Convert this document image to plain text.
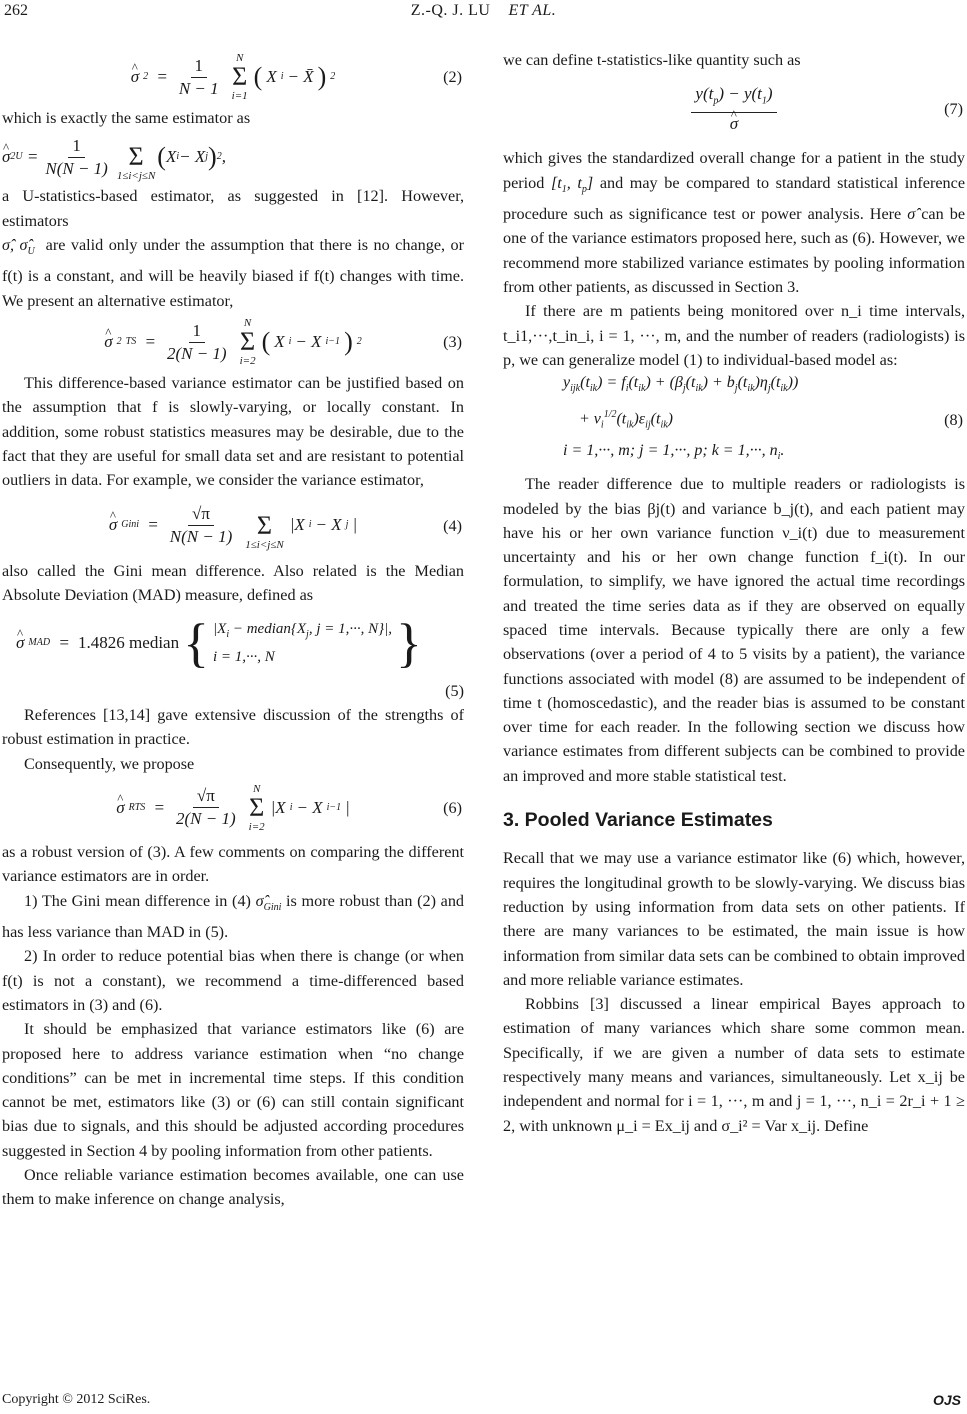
262	Z.-Q. J. LU ET AL.
^ σ $2 = \frac{1}{N - 1}$ N
Σ
i=1
( X i − X̄ ) 2	(2)

which is exactly the same estimator as

^ σ 2 $U = \frac{1}{N(N - 1)}$
Σ
1≤i<j≤N
( X i − X j ) 2 ,

a U-statistics-based estimator, as suggested in [12]. However, estimators

σ̂, $\sigmâ_U$ are valid only under the assumption that there is no change, or f(t) is a constant, and will be heavily biased if f(t) changes with time. We present an alternative estimator,

^ σ 2 TS = $\frac{1}{2(N - 1)}$ N
Σ
i=2
( X i − X i−1 ) 2	(3)

This difference-based variance estimator can be justified based on the assumption that f is slowly-varying, or locally constant. In addition, some robust statistics measures may be desirable, due to the fact that they are useful for small data set and are resistant to potential outliers in data. For example, we consider the variance estimator,

^ σ Gini = $\frac{√\pi}{N(N - 1)}$
Σ
1≤i<j≤N
|X i − X j |	(4)

also called the Gini mean difference. Also related is the Median Absolute Deviation (MAD) measure, defined as

^ σ MAD = 1.4826 median { $|X_i$ − $median\{X_j$, j = 1,···, N}|,
i = 1,···, N	}
(5)

References [13,14] gave extensive discussion of the strengths of robust estimation in practice.

Consequently, we propose

^ σ RTS = $\frac{√\pi}{2(N - 1)}$ N
Σ
i=2
|X i − X i−1 |	(6)

as a robust version of (3). A few comments on comparing the different variance estimators are in order.

1) The Gini mean difference in (4) $\sigmâ_{Gini}$ is more robust than (2) and has less variance than MAD in (5).

2) In order to reduce potential bias when there is change (or when f(t) is not a constant), we recommend a time-differenced based estimators in (3) and (6).

It should be emphasized that variance estimators like (6) are proposed here to address variance estimation when “no change conditions” can be met in incremental time steps. If this condition cannot be met, estimators like (3) or (6) can still contain significant bias due to signals, and this should be adjusted according procedures suggested in Section 4 by pooling information from other patients.

Once reliable variance estimation becomes available, one can use them to make inference on change analysis,

we can define t-statistics-like quantity such as

$y(t_p) - y(t_1)$
^ σ	(7)

which gives the standardized overall change for a patient in the study period [$t_1$, $t_p$] and may be compared to standard statistical inference procedure such as significance test or power analysis. Here σ̂ can be one of the variance estimators proposed here, such as (6). However, we recommend more stabilized variance estimates by pooling information from other patients, as discussed in Section 3.

If there are m patients being monitored over n_i time intervals, t_i1,···,t_in_i, i = 1, ···, m, and the number of readers (radiologists) is p, we can generalize model (1) to individual-based model as:

$y_{ijk}(t_{ik}) = f_i(t_{ik}) + (\beta_j(t_{ik}) + b_j(t_{ik})\eta_j(t_{ik}))$
+ $\nu_i^{1/2}(t_{ik})\varepsilon_{ij}(t_{ik})$
i = 1,···, m; j = 1,···, p; k = 1,···, $n_i$.
(8)

The reader difference due to multiple readers or radiologists is modeled by the bias βj(t) and variance b_j(t), and each patient may have his or her own variance function ν_i(t) due to measurement uncertainty and his or her own change function f_i(t). In our formulation, to simplify, we have ignored the actual time recordings and treated the time series data as if they are observed on equally spaced time intervals. Because typically there are only a few observations (over a period of 4 to 5 visits by a patient), the variance functions associated with model (8) are assumed to be independent of time t (homoscedastic), and the reader bias is assumed to be constant over time for each reader. In the following section we discuss how variance estimates from different subjects can be combined to provide an improved and more stable statistical test.

3. Pooled Variance Estimates

Recall that we may use a variance estimator like (6) which, however, requires the longitudinal growth to be slowly-varying. We discuss bias reduction by using information from data sets on other patients. If there are many variances to be estimated, the main issue is how information from similar data sets can be combined to obtain improved and more reliable variance estimates.

Robbins [3] discussed a linear empirical Bayes approach to estimation of many variances which share some common mean. Specifically, if we are given a number of data sets to estimate respectively many means and variances, simultaneously. Let x_ij be independent and normal for i = 1, ···, m and j = 1, ···, n_i = 2r_i + 1 ≥ 2, with unknown μ_i = Ex_ij and σ_i² = Var x_ij. Define

Copyright © 2012 SciRes.	OJS
